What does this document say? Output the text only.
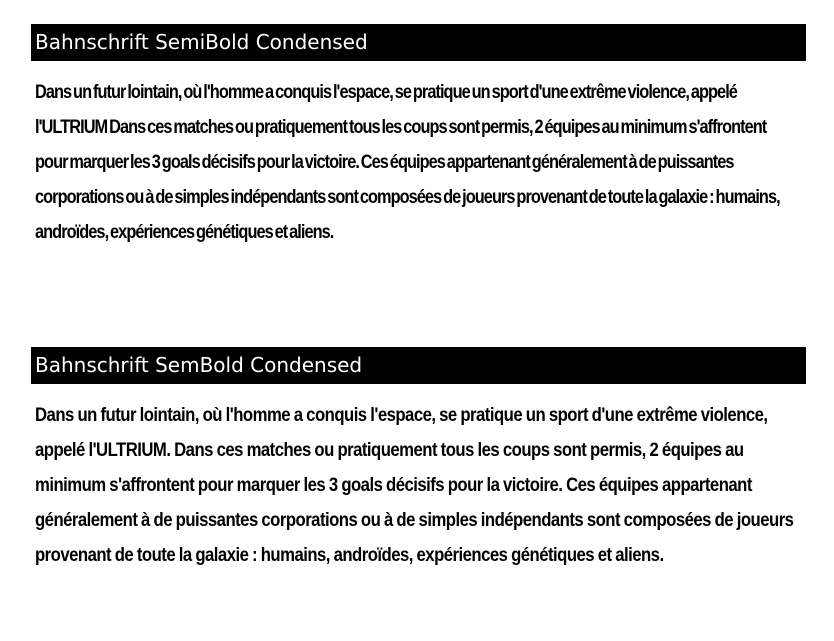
Bahnschrift SemiBold Condensed
Dans un futur lointain, où l'homme a conquis l'espace, se pratique un sport d'une extrême violence, appelé l'ULTRIUM Dans ces matches ou pratiquement tous les coups sont permis, 2 équipes au minimum s'affrontent pour marquer les 3 goals décisifs pour la victoire. Ces équipes appartenant généralement à de puissantes corporations ou à de simples indépendants sont composées de joueurs provenant de toute la galaxie : humains, androïdes, expériences génétiques et aliens.
Bahnschrift SemBold Condensed
Dans un futur lointain, où l'homme a conquis l'espace, se pratique un sport d'une extrême violence, appelé l'ULTRIUM. Dans ces matches ou pratiquement tous les coups sont permis, 2 équipes au minimum s'affrontent pour marquer les 3 goals décisifs pour la victoire. Ces équipes appartenant généralement à de puissantes corporations ou à de simples indépendants sont composées de joueurs provenant de toute la galaxie : humains, androïdes, expériences génétiques et aliens.
